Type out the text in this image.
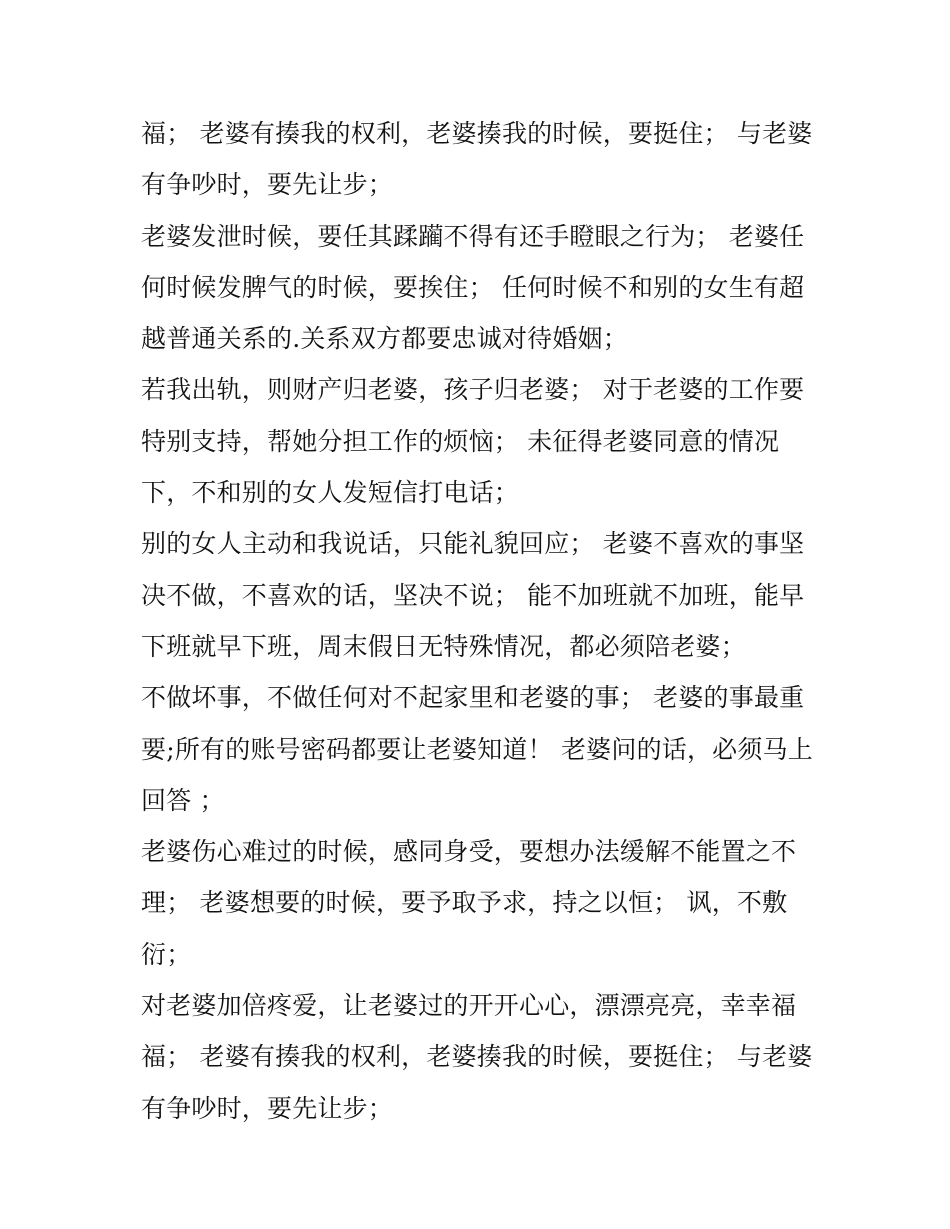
福； 老婆有揍我的权利，老婆揍我的时候，要挺住； 与老婆
有争吵时，要先让步；
老婆发泄时候，要任其蹂躏不得有还手瞪眼之行为； 老婆任
何时候发脾气的时候，要挨住； 任何时候不和别的女生有超
越普通关系的.关系双方都要忠诚对待婚姻；
若我出轨，则财产归老婆，孩子归老婆； 对于老婆的工作要
特别支持，帮她分担工作的烦恼； 未征得老婆同意的情况
下，不和别的女人发短信打电话；
别的女人主动和我说话，只能礼貌回应； 老婆不喜欢的事坚
决不做，不喜欢的话，坚决不说； 能不加班就不加班，能早
下班就早下班，周末假日无特殊情况，都必须陪老婆；
不做坏事，不做任何对不起家里和老婆的事； 老婆的事最重
要;所有的账号密码都要让老婆知道！ 老婆问的话，必须马上
回答 ；
老婆伤心难过的时候，感同身受，要想办法缓解不能置之不
理； 老婆想要的时候，要予取予求，持之以恒； 讽，不敷
衍；
对老婆加倍疼爱，让老婆过的开开心心，漂漂亮亮，幸幸福
福； 老婆有揍我的权利，老婆揍我的时候，要挺住； 与老婆
有争吵时，要先让步；
